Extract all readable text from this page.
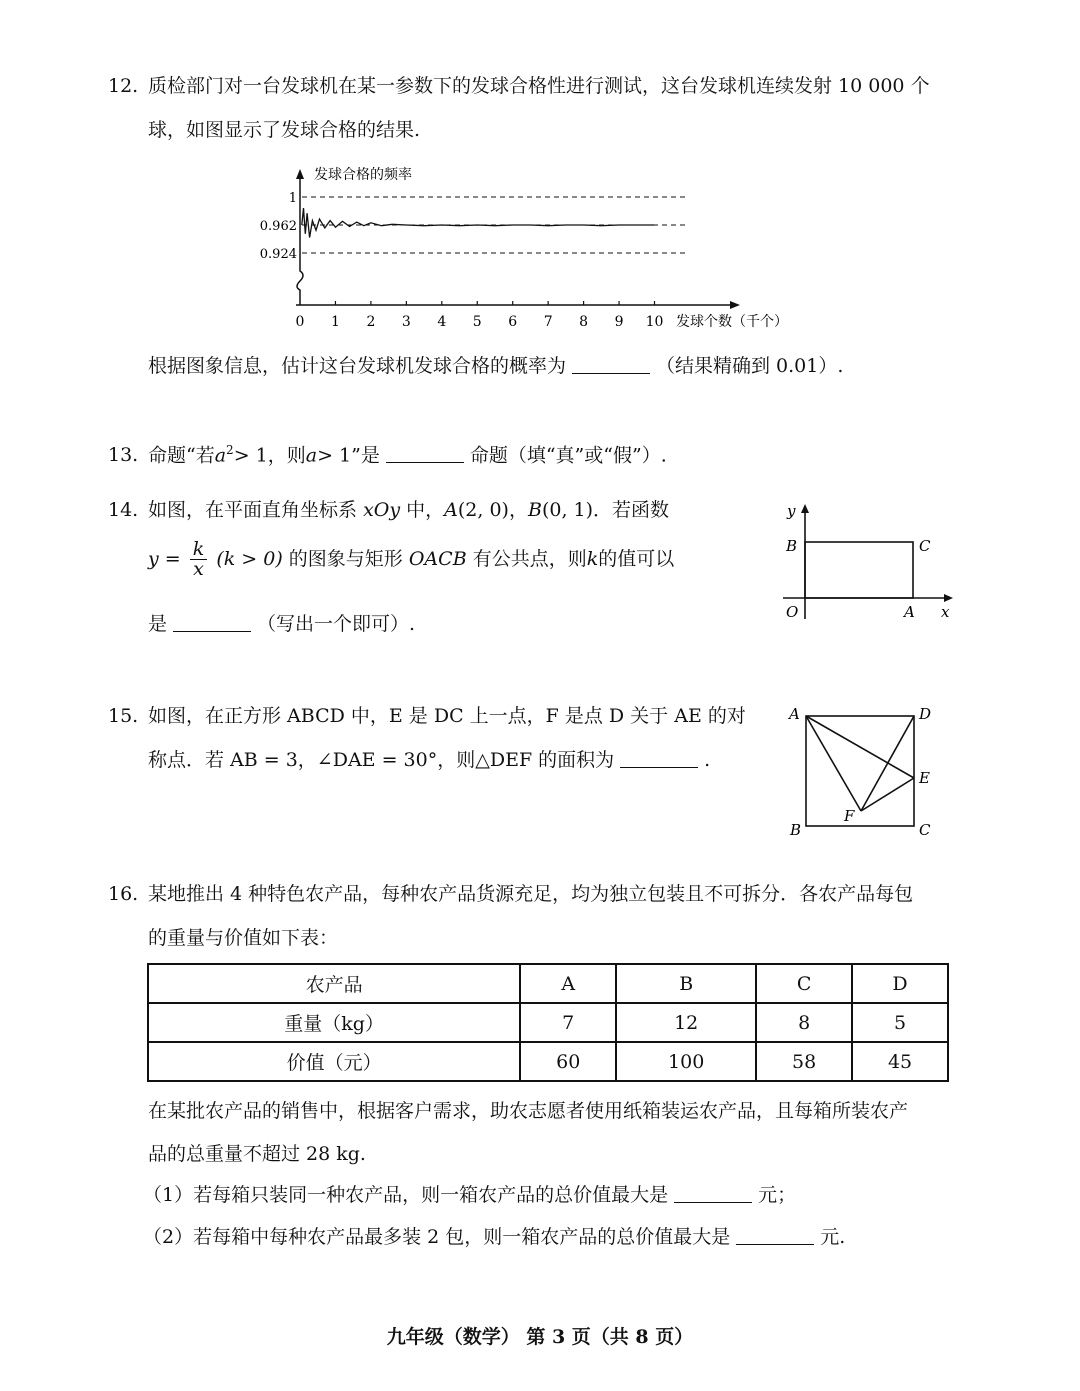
12. 质检部门对一台发球机在某一参数下的发球合格性进行测试，这台发球机连续发射 10 000 个
球，如图显示了发球合格的结果.
发球合格的频率
1
0.962
0.924
0 1 2 3 4 5 6 7 8 9 10 发球个数（千个）
根据图象信息，估计这台发球机发球合格的概率为	（结果精确到 0.01）.
13. 命题“若$a^2> 1$，则a> 1”是	命题（填“真”或“假”）.
14. 如图，在平面直角坐标系 xOy 中，A(2, 0)，B(0, 1)．若函数
$y = \frac{k}{x} (k > 0)$ 的图象与矩形 OACB 有公共点，则k的值可以
是	（写出一个即可）.
y
x
O	A
B	C
15. 如图，在正方形 ABCD 中，E 是 DC 上一点，F 是点 D 关于 AE 的对
称点．若 AB = 3，∠DAE = 30°，则△DEF 的面积为	.
A	D
B	C
E
F
16. 某地推出 4 种特色农产品，每种农产品货源充足，均为独立包装且不可拆分．各农产品每包
的重量与价值如下表：
农产品	A	B	C	D
重量（kg）	7	12	8	5
价值（元）	60	100	58	45
在某批农产品的销售中，根据客户需求，助农志愿者使用纸箱装运农产品，且每箱所装农产
品的总重量不超过 28 kg.
（1）若每箱只装同一种农产品，则一箱农产品的总价值最大是	元；
（2）若每箱中每种农产品最多装 2 包，则一箱农产品的总价值最大是	元.
九年级（数学） 第 3 页（共 8 页）
